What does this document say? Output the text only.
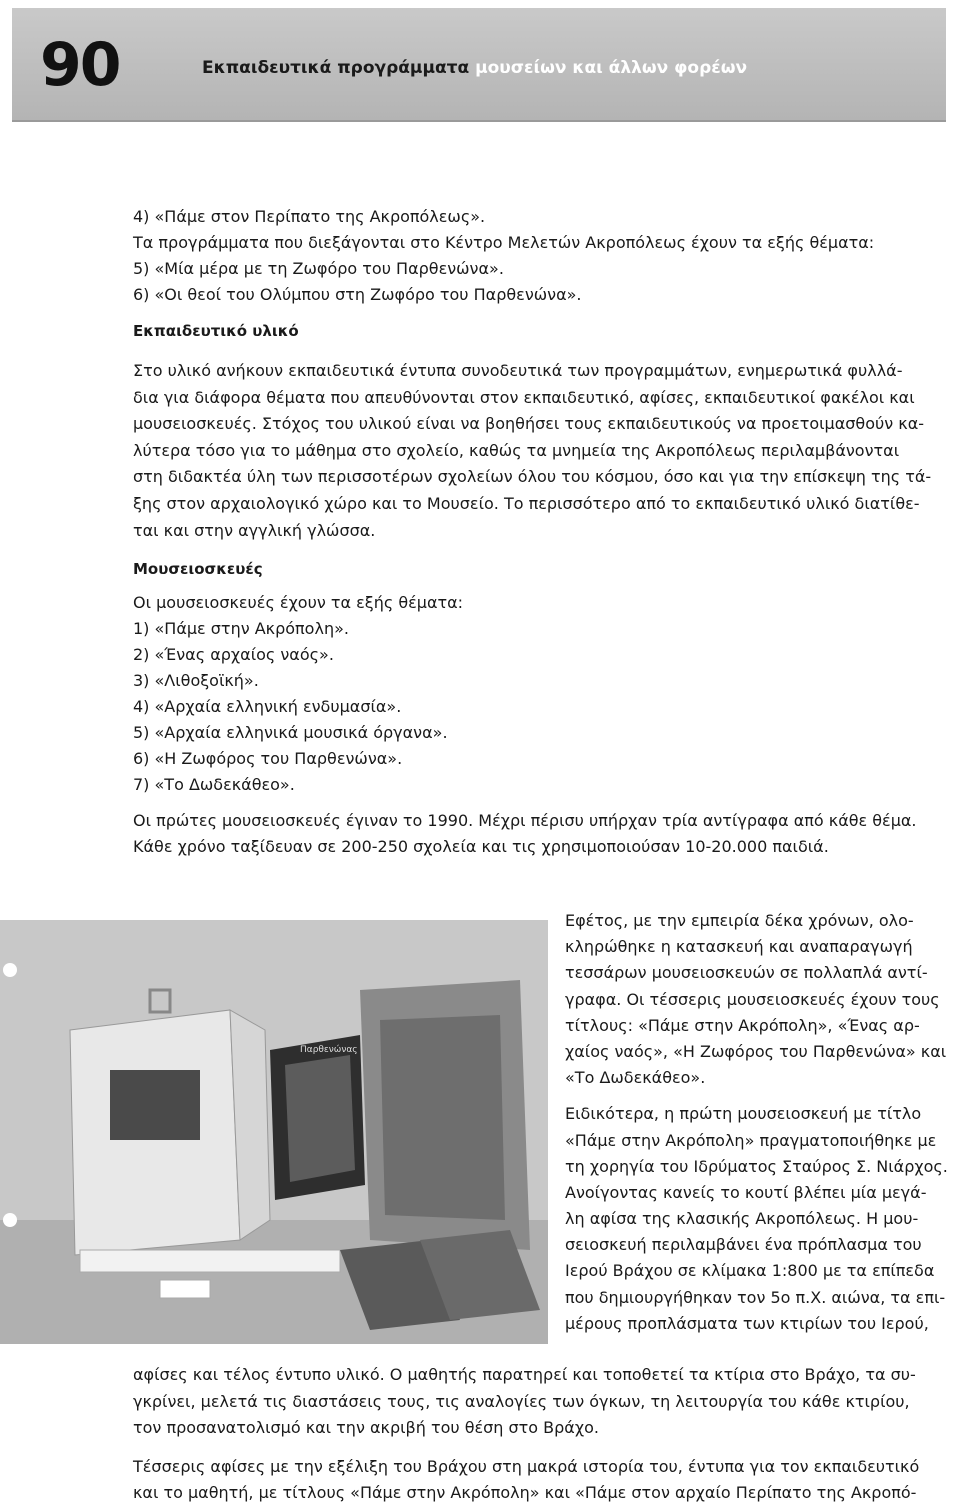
90	Εκπαιδευτικά προγράμματα μουσείων και άλλων φορέων
4) «Πάμε στον Περίπατο της Ακροπόλεως».
Τα προγράμματα που διεξάγονται στο Κέντρο Μελετών Ακροπόλεως έχουν τα εξής θέματα:
5) «Μία μέρα με τη Ζωφόρο του Παρθενώνα».
6) «Οι θεοί του Ολύμπου στη Ζωφόρο του Παρθενώνα».
Εκπαιδευτικό υλικό
Στο υλικό ανήκουν εκπαιδευτικά έντυπα συνοδευτικά των προγραμμάτων, ενημερωτικά φυλλά-
δια για διάφορα θέματα που απευθύνονται στον εκπαιδευτικό, αφίσες, εκπαιδευτικοί φακέλοι και
μουσειοσκευές. Στόχος του υλικού είναι να βοηθήσει τους εκπαιδευτικούς να προετοιμασθούν κα-
λύτερα τόσο για το μάθημα στο σχολείο, καθώς τα μνημεία της Ακροπόλεως περιλαμβάνονται
στη διδακτέα ύλη των περισσοτέρων σχολείων όλου του κόσμου, όσο και για την επίσκεψη της τά-
ξης στον αρχαιολογικό χώρο και το Μουσείο. Το περισσότερο από το εκπαιδευτικό υλικό διατίθε-
ται και στην αγγλική γλώσσα.
Μουσειοσκευές
Οι μουσειοσκευές έχουν τα εξής θέματα:
1) «Πάμε στην Ακρόπολη».
2) «Ένας αρχαίος ναός».
3) «Λιθοξοϊκή».
4) «Αρχαία ελληνική ενδυμασία».
5) «Αρχαία ελληνικά μουσικά όργανα».
6) «Η Ζωφόρος του Παρθενώνα».
7) «Το Δωδεκάθεο».
Οι πρώτες μουσειοσκευές έγιναν το 1990. Μέχρι πέρισυ υπήρχαν τρία αντίγραφα από κάθε θέμα.
Κάθε χρόνο ταξίδευαν σε 200-250 σχολεία και τις χρησιμοποιούσαν 10-20.000 παιδιά.
Παρθενώνας
Εφέτος, με την εμπειρία δέκα χρόνων, ολο-
κληρώθηκε η κατασκευή και αναπαραγωγή
τεσσάρων μουσειοσκευών σε πολλαπλά αντί-
γραφα. Οι τέσσερις μουσειοσκευές έχουν τους
τίτλους: «Πάμε στην Ακρόπολη», «Ένας αρ-
χαίος ναός», «Η Ζωφόρος του Παρθενώνα» και
«Το Δωδεκάθεο».
Ειδικότερα, η πρώτη μουσειοσκευή με τίτλο
«Πάμε στην Ακρόπολη» πραγματοποιήθηκε με
τη χορηγία του Ιδρύματος Σταύρος Σ. Νιάρχος.
Ανοίγοντας κανείς το κουτί βλέπει μία μεγά-
λη αφίσα της κλασικής Ακροπόλεως. Η μου-
σειοσκευή περιλαμβάνει ένα πρόπλασμα του
Ιερού Βράχου σε κλίμακα 1:800 με τα επίπεδα
που δημιουργήθηκαν τον 5ο π.Χ. αιώνα, τα επι-
μέρους προπλάσματα των κτιρίων του Ιερού,
αφίσες και τέλος έντυπο υλικό. Ο μαθητής παρατηρεί και τοποθετεί τα κτίρια στο Βράχο, τα συ-
γκρίνει, μελετά τις διαστάσεις τους, τις αναλογίες των όγκων, τη λειτουργία του κάθε κτιρίου,
τον προσανατολισμό και την ακριβή του θέση στο Βράχο.
Τέσσερις αφίσες με την εξέλιξη του Βράχου στη μακρά ιστορία του, έντυπα για τον εκπαιδευτικό
και το μαθητή, με τίτλους «Πάμε στην Ακρόπολη» και «Πάμε στον αρχαίο Περίπατο της Ακροπό-
